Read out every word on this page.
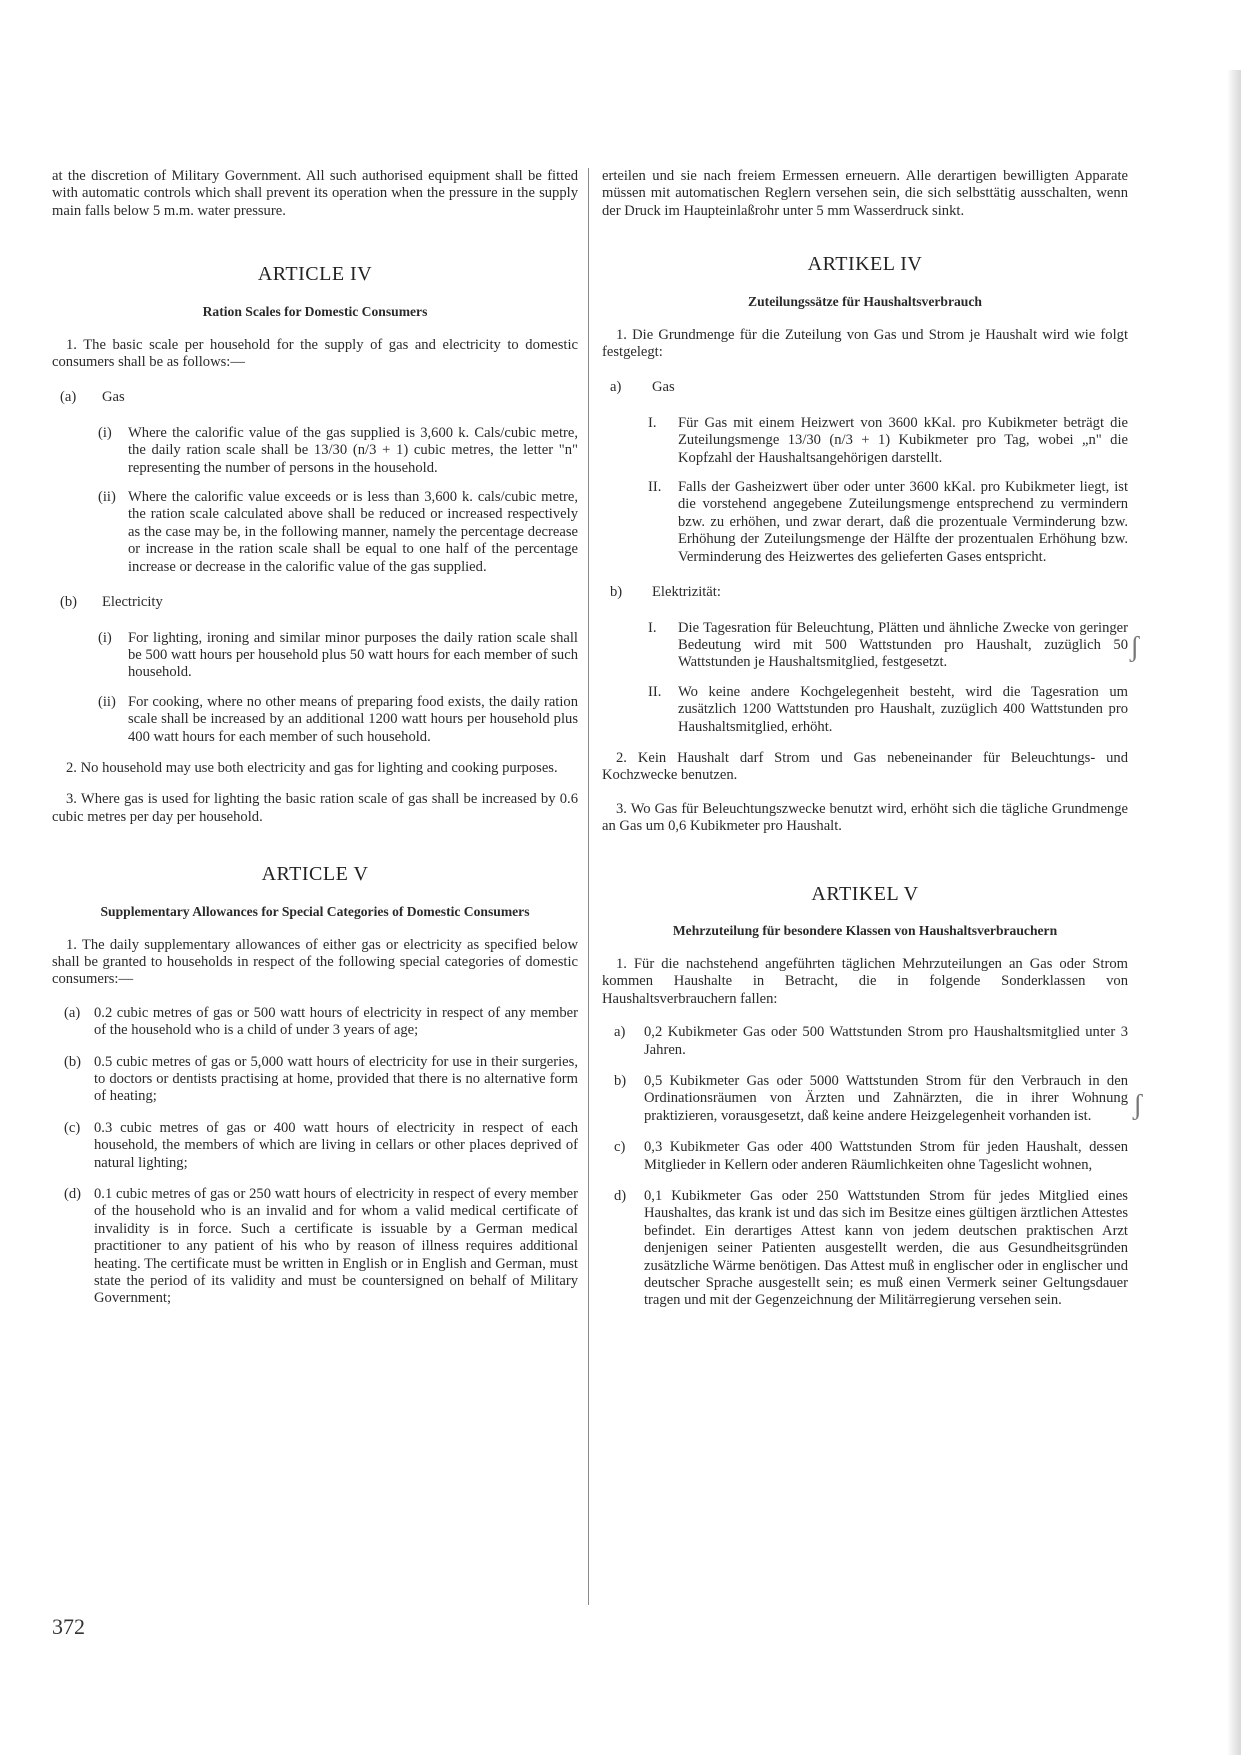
at the discretion of Military Government. All such authorised equipment shall be fitted with automatic controls which shall prevent its operation when the pressure in the supply main falls below 5 m.m. water pressure.

ARTICLE IV
Ration Scales for Domestic Consumers

1. The basic scale per household for the supply of gas and electricity to domestic consumers shall be as follows:—

(a)	Gas
(i)	Where the calorific value of the gas supplied is 3,600 k. Cals/cubic metre, the daily ration scale shall be 13/30 (n/3 + 1) cubic metres, the letter "n" representing the number of persons in the household.
(ii) Where the calorific value exceeds or is less than 3,600 k. cals/cubic metre, the ration scale calculated above shall be reduced or increased respectively as the case may be, in the following manner, namely the percentage decrease or increase in the ration scale shall be equal to one half of the percentage increase or decrease in the calorific value of the gas supplied.
(b)	Electricity
(i)	For lighting, ironing and similar minor purposes the daily ration scale shall be 500 watt hours per household plus 50 watt hours for each member of such household.
(ii) For cooking, where no other means of preparing food exists, the daily ration scale shall be increased by an additional 1200 watt hours per household plus 400 watt hours for each member of such household.

2. No household may use both electricity and gas for lighting and cooking purposes.

3. Where gas is used for lighting the basic ration scale of gas shall be increased by 0.6 cubic metres per day per household.

ARTICLE V
Supplementary Allowances for Special Categories of Domestic Consumers

1. The daily supplementary allowances of either gas or electricity as specified below shall be granted to households in respect of the following special categories of domestic consumers:—

(a) 0.2 cubic metres of gas or 500 watt hours of electricity in respect of any member of the household who is a child of under 3 years of age;
(b) 0.5 cubic metres of gas or 5,000 watt hours of electricity for use in their surgeries, to doctors or dentists practising at home, provided that there is no alternative form of heating;
(c) 0.3 cubic metres of gas or 400 watt hours of electricity in respect of each household, the members of which are living in cellars or other places deprived of natural lighting;
(d) 0.1 cubic metres of gas or 250 watt hours of electricity in respect of every member of the household who is an invalid and for whom a valid medical certificate of invalidity is in force. Such a certificate is issuable by a German medical practitioner to any patient of his who by reason of illness requires additional heating. The certificate must be written in English or in English and German, must state the period of its validity and must be countersigned on behalf of Military Government;

erteilen und sie nach freiem Ermessen erneuern. Alle derartigen bewilligten Apparate müssen mit automatischen Reglern versehen sein, die sich selbsttätig ausschalten, wenn der Druck im Haupteinlaßrohr unter 5 mm Wasserdruck sinkt.

ARTIKEL IV
Zuteilungssätze für Haushaltsverbrauch

1. Die Grundmenge für die Zuteilung von Gas und Strom je Haushalt wird wie folgt festgelegt:

a)	Gas
I.	Für Gas mit einem Heizwert von 3600 kKal. pro Kubikmeter beträgt die Zuteilungsmenge 13/30 (n/3 + 1) Kubikmeter pro Tag, wobei „n" die Kopfzahl der Haushaltsangehörigen darstellt.
II.	Falls der Gasheizwert über oder unter 3600 kKal. pro Kubikmeter liegt, ist die vorstehend angegebene Zuteilungsmenge entsprechend zu vermindern bzw. zu erhöhen, und zwar derart, daß die prozentuale Verminderung bzw. Erhöhung der Zuteilungsmenge der Hälfte der prozentualen Erhöhung bzw. Verminderung des Heizwertes des gelieferten Gases entspricht.
b)	Elektrizität:
I.	Die Tagesration für Beleuchtung, Plätten und ähnliche Zwecke von geringer Bedeutung wird mit 500 Wattstunden pro Haushalt, zuzüglich 50 Wattstunden je Haushaltsmitglied, festgesetzt.
II.	Wo keine andere Kochgelegenheit besteht, wird die Tagesration um zusätzlich 1200 Wattstunden pro Haushalt, zuzüglich 400 Wattstunden pro Haushaltsmitglied, erhöht.

2. Kein Haushalt darf Strom und Gas nebeneinander für Beleuchtungs- und Kochzwecke benutzen.

3. Wo Gas für Beleuchtungszwecke benutzt wird, erhöht sich die tägliche Grundmenge an Gas um 0,6 Kubikmeter pro Haushalt.

ARTIKEL V
Mehrzuteilung für besondere Klassen von Haushaltsverbrauchern

1. Für die nachstehend angeführten täglichen Mehrzuteilungen an Gas oder Strom kommen Haushalte in Betracht, die in folgende Sonderklassen von Haushaltsverbrauchern fallen:

a)	0,2 Kubikmeter Gas oder 500 Wattstunden Strom pro Haushaltsmitglied unter 3 Jahren.
b)	0,5 Kubikmeter Gas oder 5000 Wattstunden Strom für den Verbrauch in den Ordinationsräumen von Ärzten und Zahnärzten, die in ihrer Wohnung praktizieren, vorausgesetzt, daß keine andere Heizgelegenheit vorhanden ist.
c)	0,3 Kubikmeter Gas oder 400 Wattstunden Strom für jeden Haushalt, dessen Mitglieder in Kellern oder anderen Räumlichkeiten ohne Tageslicht wohnen,
d)	0,1 Kubikmeter Gas oder 250 Wattstunden Strom für jedes Mitglied eines Haushaltes, das krank ist und das sich im Besitze eines gültigen ärztlichen Attestes befindet. Ein derartiges Attest kann von jedem deutschen praktischen Arzt denjenigen seiner Patienten ausgestellt werden, die aus Gesundheitsgründen zusätzliche Wärme benötigen. Das Attest muß in englischer oder in englischer und deutscher Sprache ausgestellt sein; es muß einen Vermerk seiner Geltungsdauer tragen und mit der Gegenzeichnung der Militärregierung versehen sein.
ʃ
ʃ
372
